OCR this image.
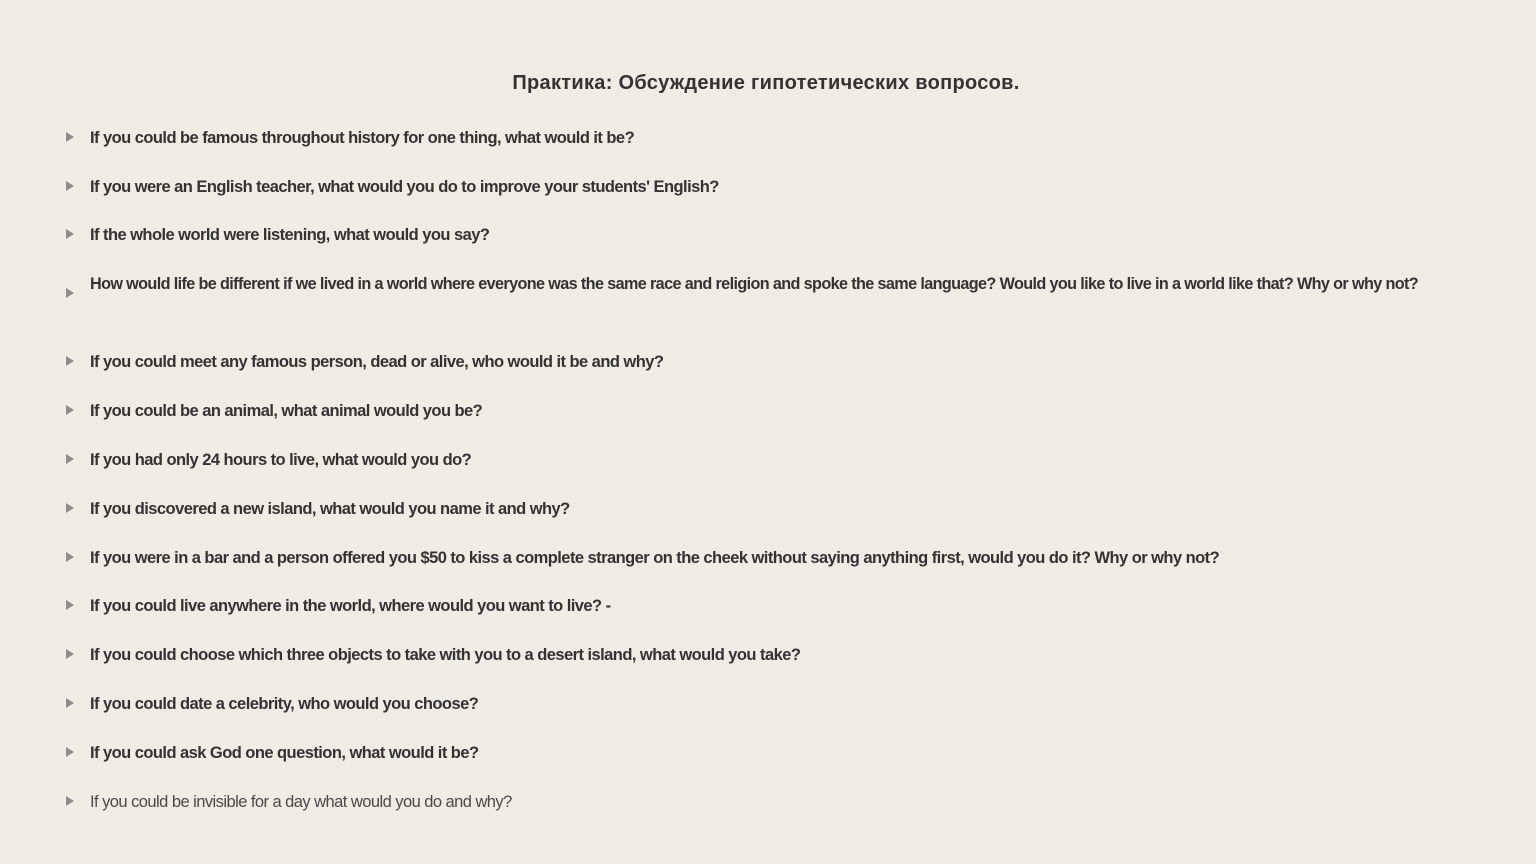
Практика: Обсуждение гипотетических вопросов.
If you could be famous throughout history for one thing, what would it be?
If you were an English teacher, what would you do to improve your students' English?
If the whole world were listening, what would you say?
How would life be different if we lived in a world where everyone was the same race and religion and spoke the same language? Would you like to live in a world like that? Why or why not?
If you could meet any famous person, dead or alive, who would it be and why?
If you could be an animal, what animal would you be?
If you had only 24 hours to live, what would you do?
If you discovered a new island, what would you name it and why?
If you were in a bar and a person offered you $50 to kiss a complete stranger on the cheek without saying anything first, would you do it? Why or why not?
If you could live anywhere in the world, where would you want to live? -
If you could choose which three objects to take with you to a desert island, what would you take?
If you could date a celebrity, who would you choose?
If you could ask God one question, what would it be?
If you could be invisible for a day what would you do and why?
